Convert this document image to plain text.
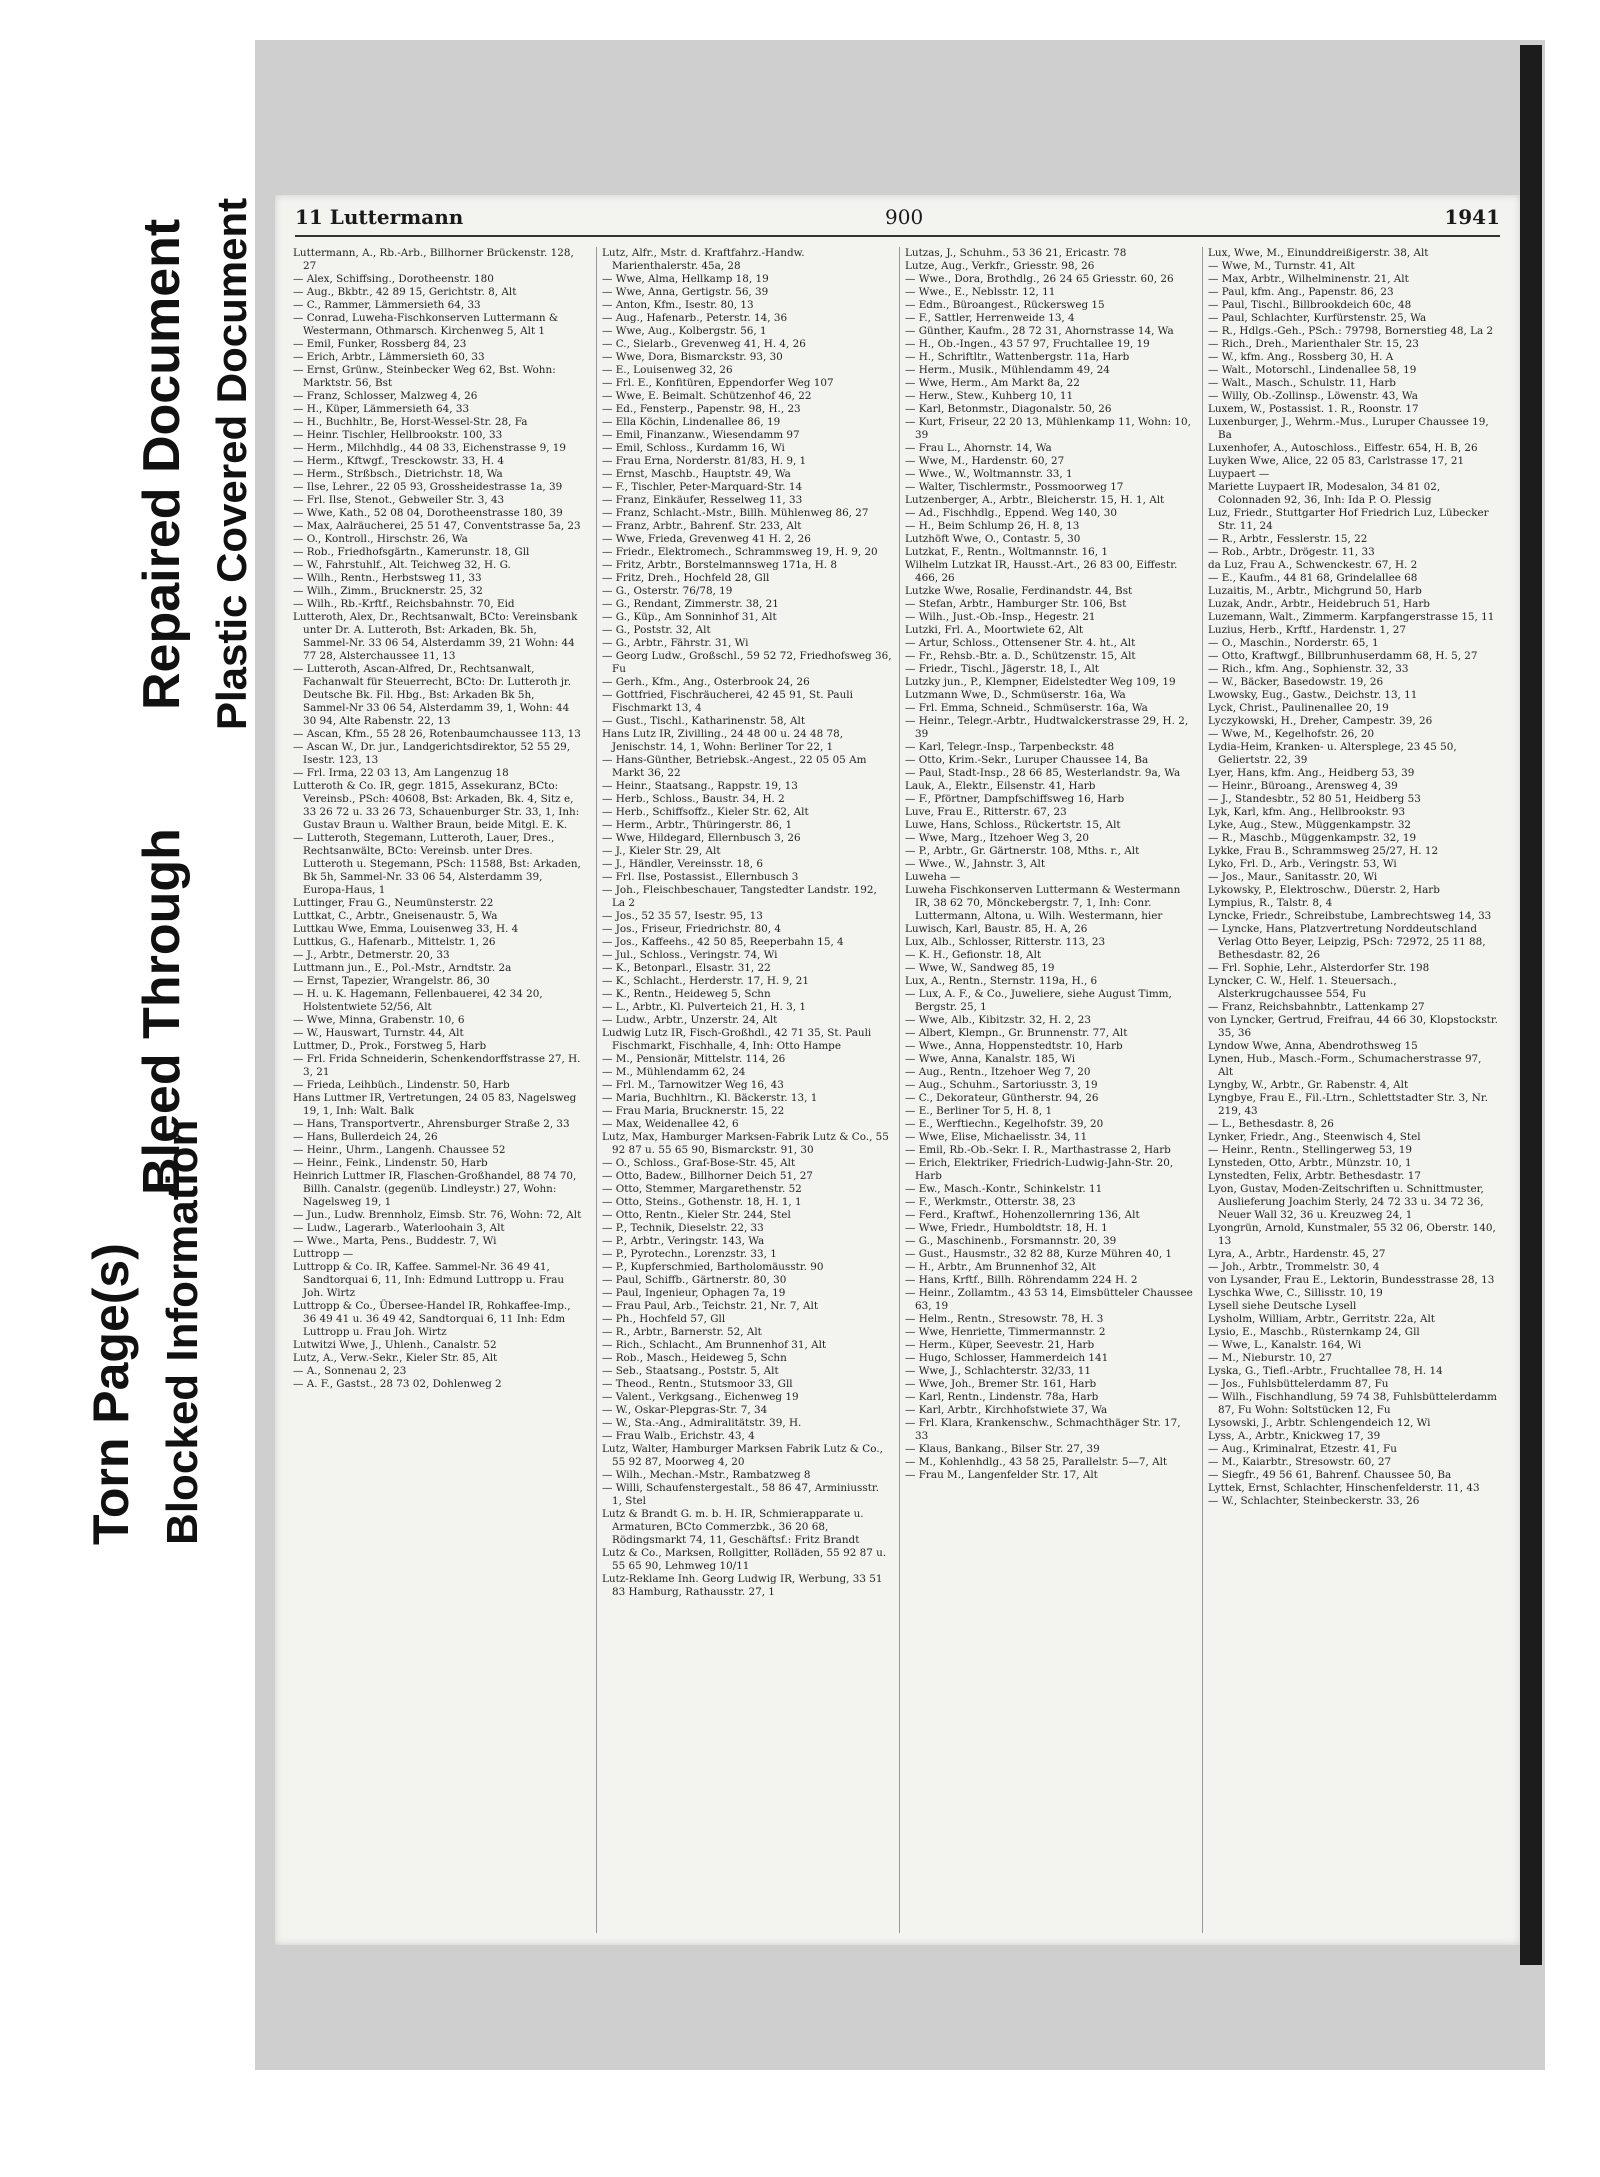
Torn Page(s) Blocked Information
Bleed Through
Repaired Document Plastic Covered Document 11 Luttermann	900	1941

Luttermann, A., Rb.-Arb., Billhorner Brückenstr. 128, 27

— Alex, Schiffsing., Dorotheenstr. 180

— Aug., Bkbtr., 42 89 15, Gerichtstr. 8, Alt

— C., Rammer, Lämmersieth 64, 33

— Conrad, Luweha-Fischkonserven Luttermann & Westermann, Othmarsch. Kirchenweg 5, Alt 1

— Emil, Funker, Rossberg 84, 23

— Erich, Arbtr., Lämmersieth 60, 33

— Ernst, Grünw., Steinbecker Weg 62, Bst. Wohn: Marktstr. 56, Bst

— Franz, Schlosser, Malzweg 4, 26

— H., Küper, Lämmersieth 64, 33

— H., Buchhltr., Be, Horst-Wessel-Str. 28, Fa

— Heinr. Tischler, Hellbrookstr. 100, 33

— Herm., Milchhdlg., 44 08 33, Eichenstrasse 9, 19

— Herm., Kftwgf., Tresckowstr. 33, H. 4

— Herm., Strßbsch., Dietrichstr. 18, Wa

— Ilse, Lehrer., 22 05 93, Grossheidestrasse 1a, 39

— Frl. Ilse, Stenot., Gebweiler Str. 3, 43

— Wwe, Kath., 52 08 04, Dorotheenstrasse 180, 39

— Max, Aalräucherei, 25 51 47, Conventstrasse 5a, 23

— O., Kontroll., Hirschstr. 26, Wa

— Rob., Friedhofsgärtn., Kamerunstr. 18, Gll

— W., Fahrstuhlf., Alt. Teichweg 32, H. G.

— Wilh., Rentn., Herbstsweg 11, 33

— Wilh., Zimm., Brucknerstr. 25, 32

— Wilh., Rb.-Krftf., Reichsbahnstr. 70, Eid

Lutteroth, Alex, Dr., Rechtsanwalt, BCto: Vereinsbank unter Dr. A. Lutteroth, Bst: Arkaden, Bk. 5h, Sammel-Nr. 33 06 54, Alsterdamm 39, 21 Wohn: 44 77 28, Alsterchaussee 11, 13

— Lutteroth, Ascan-Alfred, Dr., Rechtsanwalt, Fachanwalt für Steuerrecht, BCto: Dr. Lutteroth jr. Deutsche Bk. Fil. Hbg., Bst: Arkaden Bk 5h, Sammel-Nr 33 06 54, Alsterdamm 39, 1, Wohn: 44 30 94, Alte Rabenstr. 22, 13

— Ascan, Kfm., 55 28 26, Rotenbaumchaussee 113, 13

— Ascan W., Dr. jur., Landgerichtsdirektor, 52 55 29, Isestr. 123, 13

— Frl. Irma, 22 03 13, Am Langenzug 18

Lutteroth & Co. IR, gegr. 1815, Assekuranz, BCto: Vereinsb., PSch: 40608, Bst: Arkaden, Bk. 4, Sitz e, 33 26 72 u. 33 26 73, Schauenburger Str. 33, 1, Inh: Gustav Braun u. Walther Braun, beide Mitgl. E. K.

— Lutteroth, Stegemann, Lutteroth, Lauer, Dres., Rechtsanwälte, BCto: Vereinsb. unter Dres. Lutteroth u. Stegemann, PSch: 11588, Bst: Arkaden, Bk 5h, Sammel-Nr. 33 06 54, Alsterdamm 39, Europa-Haus, 1

Luttinger, Frau G., Neumünsterstr. 22

Luttkat, C., Arbtr., Gneisenaustr. 5, Wa

Luttkau Wwe, Emma, Louisenweg 33, H. 4

Luttkus, G., Hafenarb., Mittelstr. 1, 26

— J., Arbtr., Detmerstr. 20, 33

Luttmann jun., E., Pol.-Mstr., Arndtstr. 2a

— Ernst, Tapezier, Wrangelstr. 86, 30

— H. u. K. Hagemann, Fellenbauerei, 42 34 20, Holstentwiete 52/56, Alt

— Wwe, Minna, Grabenstr. 10, 6

— W., Hauswart, Turnstr. 44, Alt

Luttmer, D., Prok., Forstweg 5, Harb

— Frl. Frida Schneiderin, Schenkendorffstrasse 27, H. 3, 21

— Frieda, Leihbüch., Lindenstr. 50, Harb

Hans Luttmer IR, Vertretungen, 24 05 83, Nagelsweg 19, 1, Inh: Walt. Balk

— Hans, Transportvertr., Ahrensburger Straße 2, 33

— Hans, Bullerdeich 24, 26

— Heinr., Uhrm., Langenh. Chaussee 52

— Heinr., Feink., Lindenstr. 50, Harb

Heinrich Luttmer IR, Flaschen-Großhandel, 88 74 70, Billh. Canalstr. (gegenüb. Lindleystr.) 27, Wohn: Nagelsweg 19, 1

— Jun., Ludw. Brennholz, Eimsb. Str. 76, Wohn: 72, Alt

— Ludw., Lagerarb., Waterloohain 3, Alt

— Wwe., Marta, Pens., Buddestr. 7, Wi

Luttropp —

Luttropp & Co. IR, Kaffee. Sammel-Nr. 36 49 41, Sandtorquai 6, 11, Inh: Edmund Luttropp u. Frau Joh. Wirtz

Luttropp & Co., Übersee-Handel IR, Rohkaffee-Imp., 36 49 41 u. 36 49 42, Sandtorquai 6, 11 Inh: Edm Luttropp u. Frau Joh. Wirtz

Lutwitzi Wwe, J., Uhlenh., Canalstr. 52

Lutz, A., Verw.-Sekr., Kieler Str. 85, Alt

— A., Sonnenau 2, 23

— A. F., Gastst., 28 73 02, Dohlenweg 2

Lutz, Alfr., Mstr. d. Kraftfahrz.-Handw. Marienthalerstr. 45a, 28

— Wwe, Alma, Hellkamp 18, 19

— Wwe, Anna, Gertigstr. 56, 39

— Anton, Kfm., Isestr. 80, 13

— Aug., Hafenarb., Peterstr. 14, 36

— Wwe, Aug., Kolbergstr. 56, 1

— C., Sielarb., Grevenweg 41, H. 4, 26

— Wwe, Dora, Bismarckstr. 93, 30

— E., Louisenweg 32, 26

— Frl. E., Konfitüren, Eppendorfer Weg 107

— Wwe, E. Beimalt. Schützenhof 46, 22

— Ed., Fensterp., Papenstr. 98, H., 23

— Ella Köchin, Lindenallee 86, 19

— Emil, Finanzanw., Wiesendamm 97

— Emil, Schloss., Kurdamm 16, Wi

— Frau Erna, Norderstr. 81/83, H. 9, 1

— Ernst, Maschb., Hauptstr. 49, Wa

— F., Tischler, Peter-Marquard-Str. 14

— Franz, Einkäufer, Resselweg 11, 33

— Franz, Schlacht.-Mstr., Billh. Mühlenweg 86, 27

— Franz, Arbtr., Bahrenf. Str. 233, Alt

— Wwe, Frieda, Grevenweg 41 H. 2, 26

— Friedr., Elektromech., Schrammsweg 19, H. 9, 20

— Fritz, Arbtr., Borstelmannsweg 171a, H. 8

— Fritz, Dreh., Hochfeld 28, Gll

— G., Osterstr. 76/78, 19

— G., Rendant, Zimmerstr. 38, 21

— G., Küp., Am Sonninhof 31, Alt

— G., Poststr. 32, Alt

— G., Arbtr., Fährstr. 31, Wi

— Georg Ludw., Großschl., 59 52 72, Friedhofsweg 36, Fu

— Gerh., Kfm., Ang., Osterbrook 24, 26

— Gottfried, Fischräucherei, 42 45 91, St. Pauli Fischmarkt 13, 4

— Gust., Tischl., Katharinenstr. 58, Alt

Hans Lutz IR, Zivilling., 24 48 00 u. 24 48 78, Jenischstr. 14, 1, Wohn: Berliner Tor 22, 1

— Hans-Günther, Betriebsk.-Angest., 22 05 05 Am Markt 36, 22

— Heinr., Staatsang., Rappstr. 19, 13

— Herb., Schloss., Baustr. 34, H. 2

— Herb., Schiffsoffz., Kieler Str. 62, Alt

— Herm., Arbtr., Thüringerstr. 86, 1

— Wwe, Hildegard, Ellernbusch 3, 26

— J., Kieler Str. 29, Alt

— J., Händler, Vereinsstr. 18, 6

— Frl. Ilse, Postassist., Ellernbusch 3

— Joh., Fleischbeschauer, Tangstedter Landstr. 192, La 2

— Jos., 52 35 57, Isestr. 95, 13

— Jos., Friseur, Friedrichstr. 80, 4

— Jos., Kaffeehs., 42 50 85, Reeperbahn 15, 4

— Jul., Schloss., Veringstr. 74, Wi

— K., Betonparl., Elsastr. 31, 22

— K., Schlacht., Herderstr. 17, H. 9, 21

— K., Rentn., Heideweg 5, Schn

— L., Arbtr., Kl. Pulverteich 21, H. 3, 1

— Ludw., Arbtr., Unzerstr. 24, Alt

Ludwig Lutz IR, Fisch-Großhdl., 42 71 35, St. Pauli Fischmarkt, Fischhalle, 4, Inh: Otto Hampe

— M., Pensionär, Mittelstr. 114, 26

— M., Mühlendamm 62, 24

— Frl. M., Tarnowitzer Weg 16, 43

— Maria, Buchhltrn., Kl. Bäckerstr. 13, 1

— Frau Maria, Brucknerstr. 15, 22

— Max, Weidenallee 42, 6

Lutz, Max, Hamburger Marksen-Fabrik Lutz & Co., 55 92 87 u. 55 65 90, Bismarckstr. 91, 30

— O., Schloss., Graf-Bose-Str. 45, Alt

— Otto, Badew., Billhorner Deich 51, 27

— Otto, Stemmer, Margarethenstr. 52

— Otto, Steins., Gothenstr. 18, H. 1, 1

— Otto, Rentn., Kieler Str. 244, Stel

— P., Technik, Dieselstr. 22, 33

— P., Arbtr., Veringstr. 143, Wa

— P., Pyrotechn., Lorenzstr. 33, 1

— P., Kupferschmied, Bartholomäusstr. 90

— Paul, Schiffb., Gärtnerstr. 80, 30

— Paul, Ingenieur, Ophagen 7a, 19

— Frau Paul, Arb., Teichstr. 21, Nr. 7, Alt

— Ph., Hochfeld 57, Gll

— R., Arbtr., Barnerstr. 52, Alt

— Rich., Schlacht., Am Brunnenhof 31, Alt

— Rob., Masch., Heideweg 5, Schn

— Seb., Staatsang., Poststr. 5, Alt

— Theod., Rentn., Stutsmoor 33, Gll

— Valent., Verkgsang., Eichenweg 19

— W., Oskar-Plepgras-Str. 7, 34

— W., Sta.-Ang., Admiralitätstr. 39, H.

— Frau Walb., Erichstr. 43, 4

Lutz, Walter, Hamburger Marksen Fabrik Lutz & Co., 55 92 87, Moorweg 4, 20

— Wilh., Mechan.-Mstr., Rambatzweg 8

— Willi, Schaufenstergestalt., 58 86 47, Arminiusstr. 1, Stel

Lutz & Brandt G. m. b. H. IR, Schmierapparate u. Armaturen, BCto Commerzbk., 36 20 68, Rödingsmarkt 74, 11, Geschäftsf.: Fritz Brandt

Lutz & Co., Marksen, Rollgitter, Rolläden, 55 92 87 u. 55 65 90, Lehmweg 10/11

Lutz-Reklame Inh. Georg Ludwig IR, Werbung, 33 51 83 Hamburg, Rathausstr. 27, 1

Lutzas, J., Schuhm., 53 36 21, Ericastr. 78

Lutze, Aug., Verkfr., Griesstr. 98, 26

— Wwe., Dora, Brothdlg., 26 24 65 Griesstr. 60, 26

— Wwe., E., Neblsstr. 12, 11

— Edm., Büroangest., Rückersweg 15

— F., Sattler, Herrenweide 13, 4

— Günther, Kaufm., 28 72 31, Ahornstrasse 14, Wa

— H., Ob.-Ingen., 43 57 97, Fruchtallee 19, 19

— H., Schriftltr., Wattenbergstr. 11a, Harb

— Herm., Musik., Mühlendamm 49, 24

— Wwe, Herm., Am Markt 8a, 22

— Herw., Stew., Kuhberg 10, 11

— Karl, Betonmstr., Diagonalstr. 50, 26

— Kurt, Friseur, 22 20 13, Mühlenkamp 11, Wohn: 10, 39

— Frau L., Ahornstr. 14, Wa

— Wwe, M., Hardenstr. 60, 27

— Wwe., W., Woltmannstr. 33, 1

— Walter, Tischlermstr., Possmoorweg 17

Lutzenberger, A., Arbtr., Bleicherstr. 15, H. 1, Alt

— Ad., Fischhdlg., Eppend. Weg 140, 30

— H., Beim Schlump 26, H. 8, 13

Lutzhöft Wwe, O., Contastr. 5, 30

Lutzkat, F., Rentn., Woltmannstr. 16, 1

Wilhelm Lutzkat IR, Hausst.-Art., 26 83 00, Eiffestr. 466, 26

Lutzke Wwe, Rosalie, Ferdinandstr. 44, Bst

— Stefan, Arbtr., Hamburger Str. 106, Bst

— Wilh., Just.-Ob.-Insp., Hegestr. 21

Lutzki, Frl. A., Moortwiete 62, Alt

— Artur, Schloss., Ottensener Str. 4. ht., Alt

— Fr., Rehsb.-Btr. a. D., Schützenstr. 15, Alt

— Friedr., Tischl., Jägerstr. 18, I., Alt

Lutzky jun., P., Klempner, Eidelstedter Weg 109, 19

Lutzmann Wwe, D., Schmüserstr. 16a, Wa

— Frl. Emma, Schneid., Schmüserstr. 16a, Wa

— Heinr., Telegr.-Arbtr., Hudtwalckerstrasse 29, H. 2, 39

— Karl, Telegr.-Insp., Tarpenbeckstr. 48

— Otto, Krim.-Sekr., Luruper Chaussee 14, Ba

— Paul, Stadt-Insp., 28 66 85, Westerlandstr. 9a, Wa

Lauk, A., Elektr., Eilsenstr. 41, Harb

— F., Pförtner, Dampfschiffsweg 16, Harb

Luve, Frau E., Ritterstr. 67, 23

Luwe, Hans, Schloss., Rückertstr. 15, Alt

— Wwe, Marg., Itzehoer Weg 3, 20

— P., Arbtr., Gr. Gärtnerstr. 108, Mths. r., Alt

— Wwe., W., Jahnstr. 3, Alt

Luweha —

Luweha Fischkonserven Luttermann & Westermann IR, 38 62 70, Mönckebergstr. 7, 1, Inh: Conr. Luttermann, Altona, u. Wilh. Westermann, hier

Luwisch, Karl, Baustr. 85, H. A, 26

Lux, Alb., Schlosser, Ritterstr. 113, 23

— K. H., Gefionstr. 18, Alt

— Wwe, W., Sandweg 85, 19

Lux, A., Rentn., Sternstr. 119a, H., 6

— Lux, A. F., & Co., Juweliere, siehe August Timm, Bergstr. 25, 1

— Wwe, Alb., Kibitzstr. 32, H. 2, 23

— Albert, Klempn., Gr. Brunnenstr. 77, Alt

— Wwe., Anna, Hoppenstedtstr. 10, Harb

— Wwe, Anna, Kanalstr. 185, Wi

— Aug., Rentn., Itzehoer Weg 7, 20

— Aug., Schuhm., Sartoriusstr. 3, 19

— C., Dekorateur, Güntherstr. 94, 26

— E., Berliner Tor 5, H. 8, 1

— E., Werftiechn., Kegelhofstr. 39, 20

— Wwe, Elise, Michaelisstr. 34, 11

— Emil, Rb.-Ob.-Sekr. I. R., Marthastrasse 2, Harb

— Erich, Elektriker, Friedrich-Ludwig-Jahn-Str. 20, Harb

— Ew., Masch.-Kontr., Schinkelstr. 11

— F., Werkmstr., Otterstr. 38, 23

— Ferd., Kraftwf., Hohenzollernring 136, Alt

— Wwe, Friedr., Humboldtstr. 18, H. 1

— G., Maschinenb., Forsmannstr. 20, 39

— Gust., Hausmstr., 32 82 88, Kurze Mühren 40, 1

— H., Arbtr., Am Brunnenhof 32, Alt

— Hans, Krftf., Billh. Röhrendamm 224 H. 2

— Heinr., Zollamtm., 43 53 14, Eimsbütteler Chaussee 63, 19

— Helm., Rentn., Stresowstr. 78, H. 3

— Wwe, Henriette, Timmermannstr. 2

— Herm., Küper, Seevestr. 21, Harb

— Hugo, Schlosser, Hammerdeich 141

— Wwe, J., Schlachterstr. 32/33, 11

— Wwe, Joh., Bremer Str. 161, Harb

— Karl, Rentn., Lindenstr. 78a, Harb

— Karl, Arbtr., Kirchhofstwiete 37, Wa

— Frl. Klara, Krankenschw., Schmachthäger Str. 17, 33

— Klaus, Bankang., Bilser Str. 27, 39

— M., Kohlenhdlg., 43 58 25, Parallelstr. 5—7, Alt

— Frau M., Langenfelder Str. 17, Alt

Lux, Wwe, M., Einunddreißigerstr. 38, Alt

— Wwe, M., Turnstr. 41, Alt

— Max, Arbtr., Wilhelminenstr. 21, Alt

— Paul, kfm. Ang., Papenstr. 86, 23

— Paul, Tischl., Billbrookdeich 60c, 48

— Paul, Schlachter, Kurfürstenstr. 25, Wa

— R., Hdlgs.-Geh., PSch.: 79798, Bornerstieg 48, La 2

— Rich., Dreh., Marienthaler Str. 15, 23

— W., kfm. Ang., Rossberg 30, H. A

— Walt., Motorschl., Lindenallee 58, 19

— Walt., Masch., Schulstr. 11, Harb

— Willy, Ob.-Zollinsp., Löwenstr. 43, Wa

Luxem, W., Postassist. 1. R., Roonstr. 17

Luxenburger, J., Wehrm.-Mus., Luruper Chaussee 19, Ba

Luxenhofer, A., Autoschloss., Eiffestr. 654, H. B, 26

Luyken Wwe, Alice, 22 05 83, Carlstrasse 17, 21

Luypaert —

Mariette Luypaert IR, Modesalon, 34 81 02, Colonnaden 92, 36, Inh: Ida P. O. Plessig

Luz, Friedr., Stuttgarter Hof Friedrich Luz, Lübecker Str. 11, 24

— R., Arbtr., Fesslerstr. 15, 22

— Rob., Arbtr., Drögestr. 11, 33

da Luz, Frau A., Schwenckestr. 67, H. 2

— E., Kaufm., 44 81 68, Grindelallee 68

Luzaitis, M., Arbtr., Michgrund 50, Harb

Luzak, Andr., Arbtr., Heidebruch 51, Harb

Luzemann, Walt., Zimmerm. Karpfangerstrasse 15, 11

Luzius, Herb., Krftf., Hardenstr. 1, 27

— O., Maschin., Norderstr. 65, 1

— Otto, Kraftwgf., Billbrunhuserdamm 68, H. 5, 27

— Rich., kfm. Ang., Sophienstr. 32, 33

— W., Bäcker, Basedowstr. 19, 26

Lwowsky, Eug., Gastw., Deichstr. 13, 11

Lyck, Christ., Paulinenallee 20, 19

Lyczykowski, H., Dreher, Campestr. 39, 26

— Wwe, M., Kegelhofstr. 26, 20

Lydia-Heim, Kranken- u. Altersplege, 23 45 50, Geliertstr. 22, 39

Lyer, Hans, kfm. Ang., Heidberg 53, 39

— Heinr., Büroang., Arensweg 4, 39

— J., Standesbtr., 52 80 51, Heidberg 53

Lyk, Karl, kfm. Ang., Hellbrookstr. 93

Lyke, Aug., Stew., Müggenkampstr. 32

— R., Maschb., Müggenkampstr. 32, 19

Lykke, Frau B., Schrammsweg 25/27, H. 12

Lyko, Frl. D., Arb., Veringstr. 53, Wi

— Jos., Maur., Sanitasstr. 20, Wi

Lykowsky, P., Elektroschw., Düerstr. 2, Harb

Lympius, R., Talstr. 8, 4

Lyncke, Friedr., Schreibstube, Lambrechtsweg 14, 33

— Lyncke, Hans, Platzvertretung Norddeutschland Verlag Otto Beyer, Leipzig, PSch: 72972, 25 11 88, Bethesdastr. 82, 26

— Frl. Sophie, Lehr., Alsterdorfer Str. 198

Lyncker, C. W., Helf. 1. Steuersach., Alsterkrugchaussee 554, Fu

— Franz, Reichsbahnbtr., Lattenkamp 27

von Lyncker, Gertrud, Freifrau, 44 66 30, Klopstockstr. 35, 36

Lyndow Wwe, Anna, Abendrothsweg 15

Lynen, Hub., Masch.-Form., Schumacherstrasse 97, Alt

Lyngby, W., Arbtr., Gr. Rabenstr. 4, Alt

Lyngbye, Frau E., Fil.-Ltrn., Schlettstadter Str. 3, Nr. 219, 43

— L., Bethesdastr. 8, 26

Lynker, Friedr., Ang., Steenwisch 4, Stel

— Heinr., Rentn., Stellingerweg 53, 19

Lynsteden, Otto, Arbtr., Münzstr. 10, 1

Lynstedten, Felix, Arbtr. Bethesdastr. 17

Lyon, Gustav, Moden-Zeitschriften u. Schnittmuster, Auslieferung Joachim Sterly, 24 72 33 u. 34 72 36, Neuer Wall 32, 36 u. Kreuzweg 24, 1

Lyongrün, Arnold, Kunstmaler, 55 32 06, Oberstr. 140, 13

Lyra, A., Arbtr., Hardenstr. 45, 27

— Joh., Arbtr., Trommelstr. 30, 4

von Lysander, Frau E., Lektorin, Bundesstrasse 28, 13

Lyschka Wwe, C., Sillisstr. 10, 19

Lysell siehe Deutsche Lysell

Lysholm, William, Arbtr., Gerritstr. 22a, Alt

Lysio, E., Maschb., Rüsternkamp 24, Gll

— Wwe, L., Kanalstr. 164, Wi

— M., Nieburstr. 10, 27

Lyska, G., Tiefl.-Arbtr., Fruchtallee 78, H. 14

— Jos., Fuhlsbüttelerdamm 87, Fu

— Wilh., Fischhandlung, 59 74 38, Fuhlsbüttelerdamm 87, Fu Wohn: Soltstücken 12, Fu

Lysowski, J., Arbtr. Schlengendeich 12, Wi

Lyss, A., Arbtr., Knickweg 17, 39

— Aug., Kriminalrat, Etzestr. 41, Fu

— M., Kaiarbtr., Stresowstr. 60, 27

— Siegfr., 49 56 61, Bahrenf. Chaussee 50, Ba

Lyttek, Ernst, Schlachter, Hinschenfelderstr. 11, 43

— W., Schlachter, Steinbeckerstr. 33, 26
